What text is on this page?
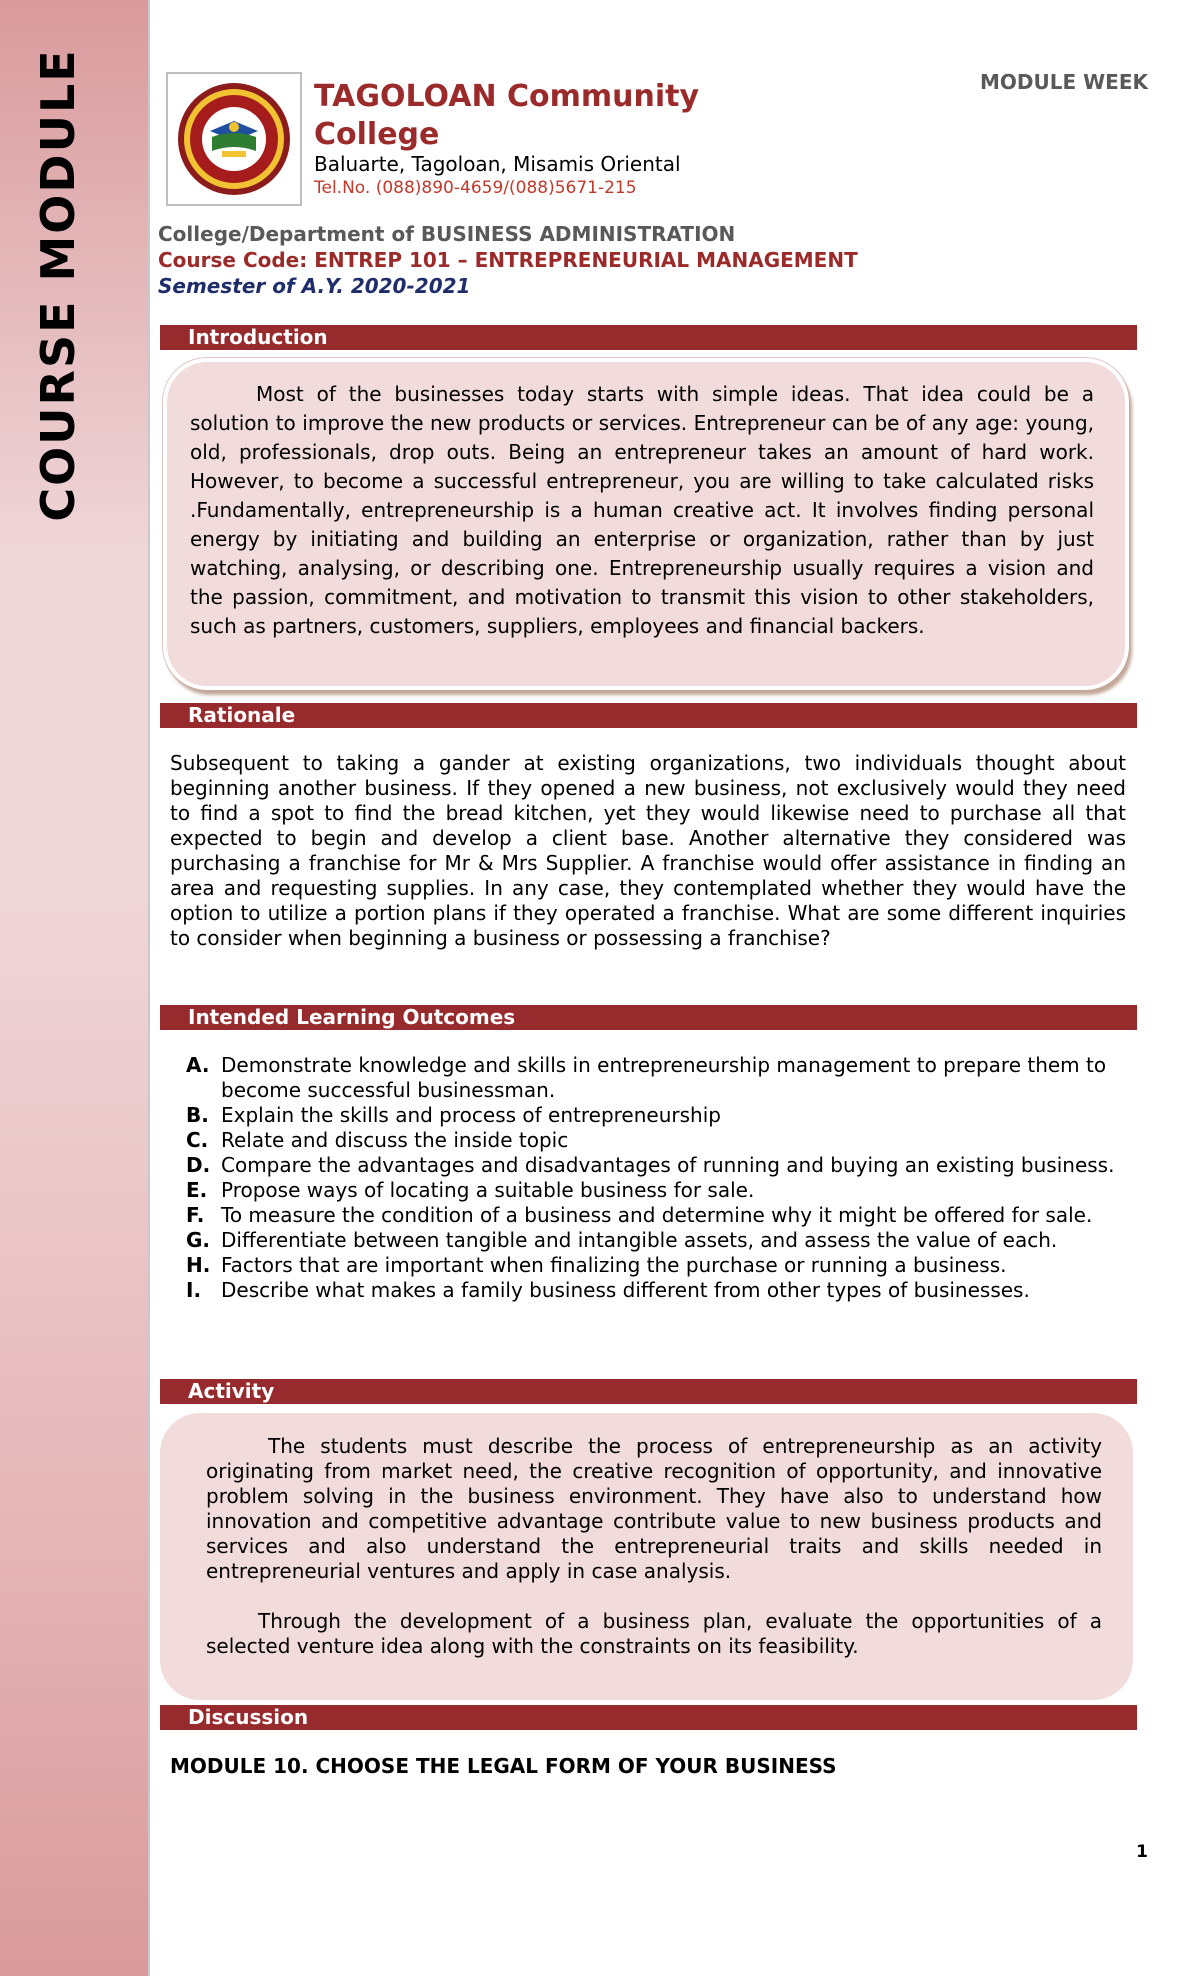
COURSE MODULE	MODULE WEEK
TAGOLOAN Community College
Baluarte, Tagoloan, Misamis Oriental
Tel.No. (088)890-4659/(088)5671-215
College/Department of BUSINESS ADMINISTRATION
Course Code: ENTREP 101 – ENTREPRENEURIAL MANAGEMENT
Semester of A.Y. 2020-2021
Introduction

Most of the businesses today starts with simple ideas. That idea could be a solution to improve the new products or services. Entrepreneur can be of any age: young, old, professionals, drop outs. Being an entrepreneur takes an amount of hard work. However, to become a successful entrepreneur, you are willing to take calculated risks .Fundamentally, entrepreneurship is a human creative act. It involves finding personal energy by initiating and building an enterprise or organization, rather than by just watching, analysing, or describing one. Entrepreneurship usually requires a vision and the passion, commitment, and motivation to transmit this vision to other stakeholders, such as partners, customers, suppliers, employees and financial backers.

Rationale

Subsequent to taking a gander at existing organizations, two individuals thought about beginning another business. If they opened a new business, not exclusively would they need to find a spot to find the bread kitchen, yet they would likewise need to purchase all that expected to begin and develop a client base. Another alternative they considered was purchasing a franchise for Mr & Mrs Supplier. A franchise would offer assistance in finding an area and requesting supplies. In any case, they contemplated whether they would have the option to utilize a portion plans if they operated a franchise. What are some different inquiries to consider when beginning a business or possessing a franchise?

Intended Learning Outcomes
A. Demonstrate knowledge and skills in entrepreneurship management to prepare them to become successful businessman.
B. Explain the skills and process of entrepreneurship
C. Relate and discuss the inside topic
D. Compare the advantages and disadvantages of running and buying an existing business.
E. Propose ways of locating a suitable business for sale.
F. To measure the condition of a business and determine why it might be offered for sale.
G. Differentiate between tangible and intangible assets, and assess the value of each.
H. Factors that are important when finalizing the purchase or running a business.
I. Describe what makes a family business different from other types of businesses.
Activity

The students must describe the process of entrepreneurship as an activity originating from market need, the creative recognition of opportunity, and innovative problem solving in the business environment. They have also to understand how innovation and competitive advantage contribute value to new business products and services and also understand the entrepreneurial traits and skills needed in entrepreneurial ventures and apply in case analysis.

Through the development of a business plan, evaluate the opportunities of a selected venture idea along with the constraints on its feasibility.

Discussion
MODULE 10. CHOOSE THE LEGAL FORM OF YOUR BUSINESS
1
